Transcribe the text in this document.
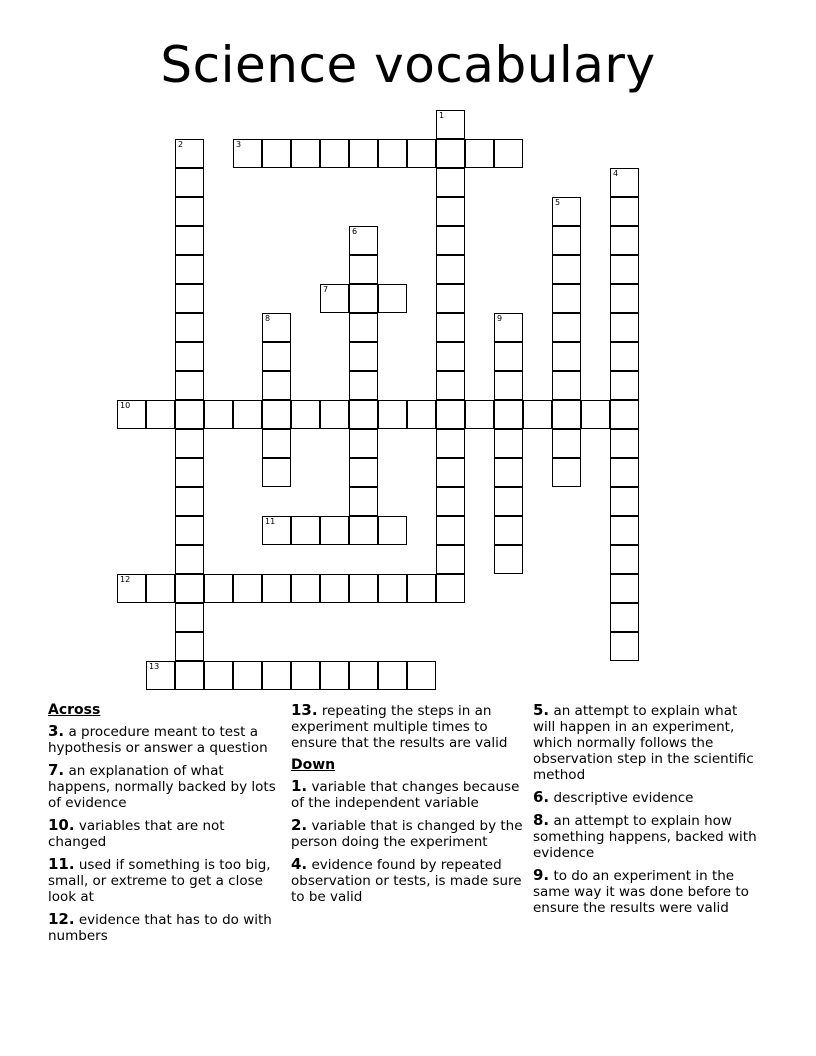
Science vocabulary
1
2	3
4
5
6
7
8	9
10
11
12
13
Across
3. a procedure meant to test a hypothesis or answer a question
7. an explanation of what happens, normally backed by lots of evidence
10. variables that are not changed
11. used if something is too big, small, or extreme to get a close look at
12. evidence that has to do with numbers
13. repeating the steps in an experiment multiple times to ensure that the results are valid
Down
1. variable that changes because of the independent variable
2. variable that is changed by the person doing the experiment
4. evidence found by repeated observation or tests, is made sure to be valid
5. an attempt to explain what will happen in an experiment, which normally follows the observation step in the scientific method
6. descriptive evidence
8. an attempt to explain how something happens, backed with evidence
9. to do an experiment in the same way it was done before to ensure the results were valid
